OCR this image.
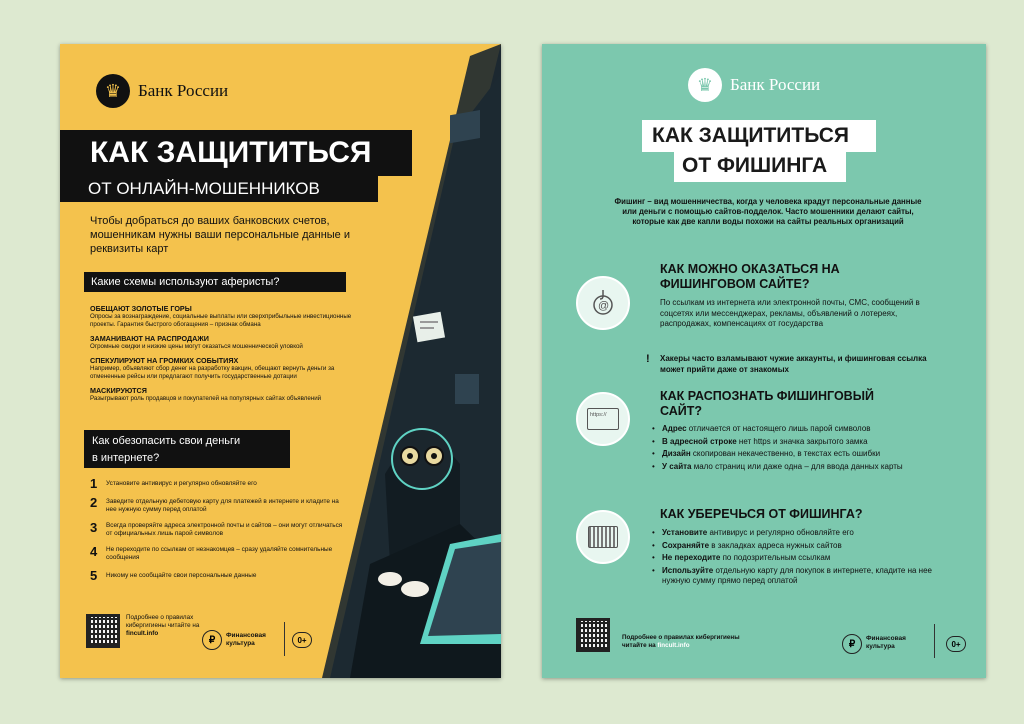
♛ Банк России
КАК ЗАЩИТИТЬСЯ
ОТ ОНЛАЙН-МОШЕННИКОВ
Чтобы добраться до ваших банковских счетов, мошенникам нужны ваши персональные данные и реквизиты карт
Какие схемы используют аферисты?
ОБЕЩАЮТ ЗОЛОТЫЕ ГОРЫ
Опросы за вознаграждение, социальные выплаты или сверхприбыльные инвестиционные проекты. Гарантия быстрого обогащения – признак обмана
ЗАМАНИВАЮТ НА РАСПРОДАЖИ
Огромные скидки и низкие цены могут оказаться мошеннической уловкой
СПЕКУЛИРУЮТ НА ГРОМКИХ СОБЫТИЯХ
Например, объявляют сбор денег на разработку вакцин, обещают вернуть деньги за отмененные рейсы или предлагают получить государственные дотации
МАСКИРУЮТСЯ
Разыгрывают роль продавцов и покупателей на популярных сайтах объявлений
Как обезопасить свои деньги
в интернете?
1 Установите антивирус и регулярно обновляйте его
2 Заведите отдельную дебетовую карту для платежей в интернете и кладите на нее нужную сумму перед оплатой
3 Всегда проверяйте адреса электронной почты и сайтов – они могут отличаться от официальных лишь парой символов
4 Не переходите по ссылкам от незнакомцев – сразу удаляйте сомнительные сообщения
5 Никому не сообщайте свои персональные данные
Подробнее о правилах кибергигиены читайте на fincult.info
₽	Финансовая культура	0+
♛ Банк России
КАК ЗАЩИТИТЬСЯ
ОТ ФИШИНГА
Фишинг – вид мошенничества, когда у человека крадут персональные данные или деньги с помощью сайтов-подделок. Часто мошенники делают сайты, которые как две капли воды похожи на сайты реальных организаций
@
КАК МОЖНО ОКАЗАТЬСЯ НА ФИШИНГОВОМ САЙТЕ?
По ссылкам из интернета или электронной почты, СМС, сообщений в соцсетях или мессенджерах, рекламы, объявлений о лотереях, распродажах, компенсациях от государства
! Хакеры часто взламывают чужие аккаунты, и фишинговая ссылка может прийти даже от знакомых
https://
КАК РАСПОЗНАТЬ ФИШИНГОВЫЙ САЙТ?
• Адрес отличается от настоящего лишь парой символов
• В адресной строке нет https и значка закрытого замка
• Дизайн скопирован некачественно, в текстах есть ошибки
• У сайта мало страниц или даже одна – для ввода данных карты
КАК УБЕРЕЧЬСЯ ОТ ФИШИНГА?
• Установите антивирус и регулярно обновляйте его
• Сохраняйте в закладках адреса нужных сайтов
• Не переходите по подозрительным ссылкам
• Используйте отдельную карту для покупок в интернете, кладите на нее нужную сумму прямо перед оплатой
Подробнее о правилах кибергигиены читайте на fincult.info	₽	Финансовая культура	0+
